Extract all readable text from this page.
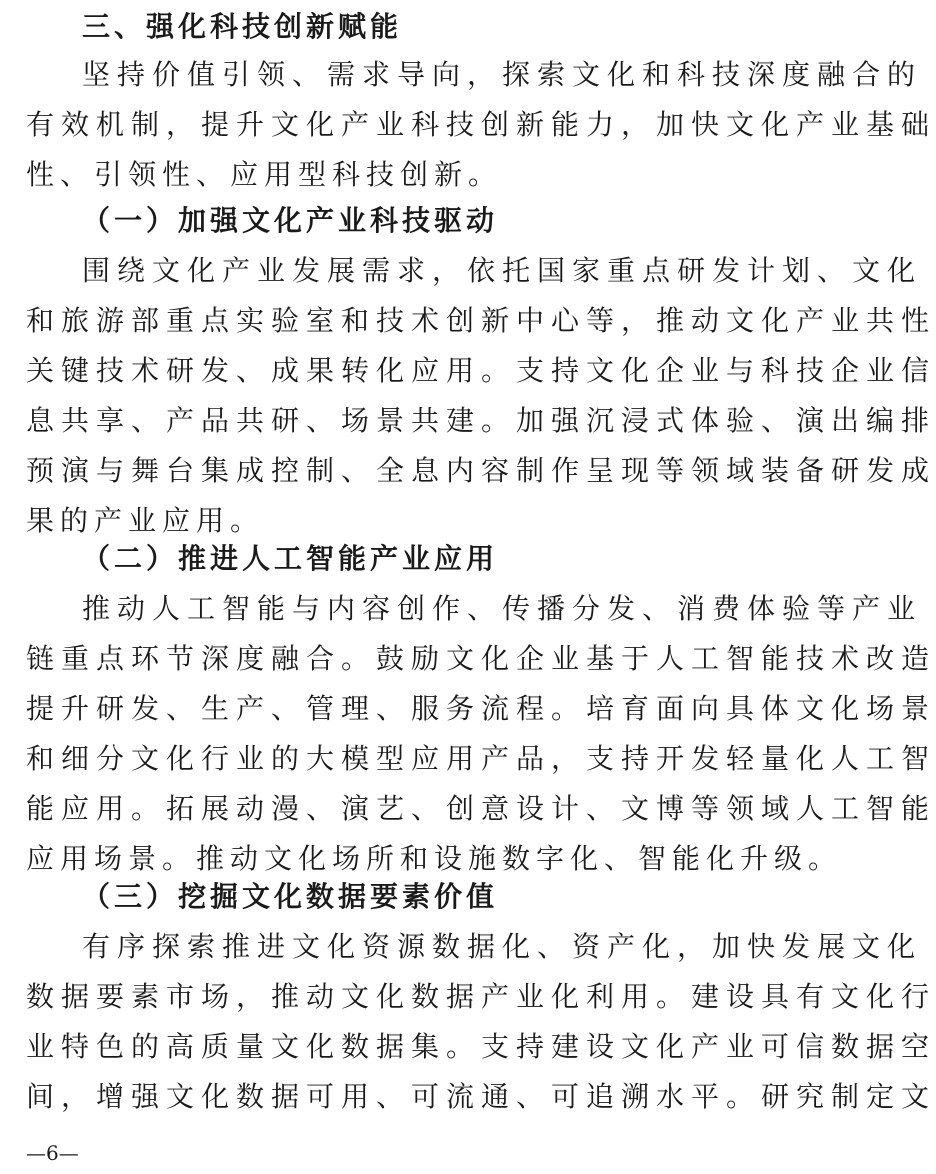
三、强化科技创新赋能
坚持价值引领、需求导向，探索文化和科技深度融合的
有效机制，提升文化产业科技创新能力，加快文化产业基础
性、引领性、应用型科技创新。
（一）加强文化产业科技驱动
围绕文化产业发展需求，依托国家重点研发计划、文化
和旅游部重点实验室和技术创新中心等，推动文化产业共性
关键技术研发、成果转化应用。支持文化企业与科技企业信
息共享、产品共研、场景共建。加强沉浸式体验、演出编排
预演与舞台集成控制、全息内容制作呈现等领域装备研发成
果的产业应用。
（二）推进人工智能产业应用
推动人工智能与内容创作、传播分发、消费体验等产业
链重点环节深度融合。鼓励文化企业基于人工智能技术改造
提升研发、生产、管理、服务流程。培育面向具体文化场景
和细分文化行业的大模型应用产品，支持开发轻量化人工智
能应用。拓展动漫、演艺、创意设计、文博等领域人工智能
应用场景。推动文化场所和设施数字化、智能化升级。
（三）挖掘文化数据要素价值
有序探索推进文化资源数据化、资产化，加快发展文化
数据要素市场，推动文化数据产业化利用。建设具有文化行
业特色的高质量文化数据集。支持建设文化产业可信数据空
间，增强文化数据可用、可流通、可追溯水平。研究制定文
—6—
